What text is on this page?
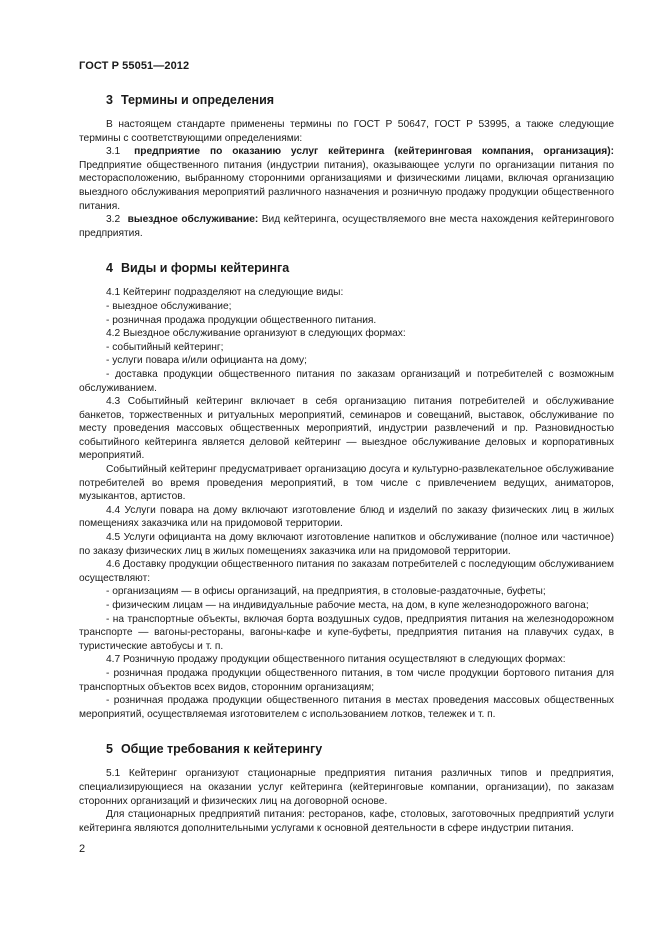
ГОСТ Р 55051—2012
3 Термины и определения

В настоящем стандарте применены термины по ГОСТ Р 50647, ГОСТ Р 53995, а также следующие термины с соответствующими определениями:

3.1 предприятие по оказанию услуг кейтеринга (кейтеринговая компания, организация): Предприятие общественного питания (индустрии питания), оказывающее услуги по организации питания по месторасположению, выбранному сторонними организациями и физическими лицами, включая организацию выездного обслуживания мероприятий различного назначения и розничную продажу продукции общественного питания.

3.2 выездное обслуживание: Вид кейтеринга, осуществляемого вне места нахождения кейтерингового предприятия.

4 Виды и формы кейтеринга

4.1 Кейтеринг подразделяют на следующие виды:

- выездное обслуживание;

- розничная продажа продукции общественного питания.

4.2 Выездное обслуживание организуют в следующих формах:

- событийный кейтеринг;

- услуги повара и/или официанта на дому;

- доставка продукции общественного питания по заказам организаций и потребителей с возможным обслуживанием.

4.3 Событийный кейтеринг включает в себя организацию питания потребителей и обслуживание банкетов, торжественных и ритуальных мероприятий, семинаров и совещаний, выставок, обслуживание по месту проведения массовых общественных мероприятий, индустрии развлечений и пр. Разновидностью событийного кейтеринга является деловой кейтеринг — выездное обслуживание деловых и корпоративных мероприятий.

Событийный кейтеринг предусматривает организацию досуга и культурно-развлекательное обслуживание потребителей во время проведения мероприятий, в том числе с привлечением ведущих, аниматоров, музыкантов, артистов.

4.4 Услуги повара на дому включают изготовление блюд и изделий по заказу физических лиц в жилых помещениях заказчика или на придомовой территории.

4.5 Услуги официанта на дому включают изготовление напитков и обслуживание (полное или частичное) по заказу физических лиц в жилых помещениях заказчика или на придомовой территории.

4.6 Доставку продукции общественного питания по заказам потребителей с последующим обслуживанием осуществляют:

- организациям — в офисы организаций, на предприятия, в столовые-раздаточные, буфеты;

- физическим лицам — на индивидуальные рабочие места, на дом, в купе железнодорожного вагона;

- на транспортные объекты, включая борта воздушных судов, предприятия питания на железнодорожном транспорте — вагоны-рестораны, вагоны-кафе и купе-буфеты, предприятия питания на плавучих судах, в туристические автобусы и т. п.

4.7 Розничную продажу продукции общественного питания осуществляют в следующих формах:

- розничная продажа продукции общественного питания, в том числе продукции бортового питания для транспортных объектов всех видов, сторонним организациям;

- розничная продажа продукции общественного питания в местах проведения массовых общественных мероприятий, осуществляемая изготовителем с использованием лотков, тележек и т. п.

5 Общие требования к кейтерингу

5.1 Кейтеринг организуют стационарные предприятия питания различных типов и предприятия, специализирующиеся на оказании услуг кейтеринга (кейтеринговые компании, организации), по заказам сторонних организаций и физических лиц на договорной основе.

Для стационарных предприятий питания: ресторанов, кафе, столовых, заготовочных предприятий услуги кейтеринга являются дополнительными услугами к основной деятельности в сфере индустрии питания.

2
